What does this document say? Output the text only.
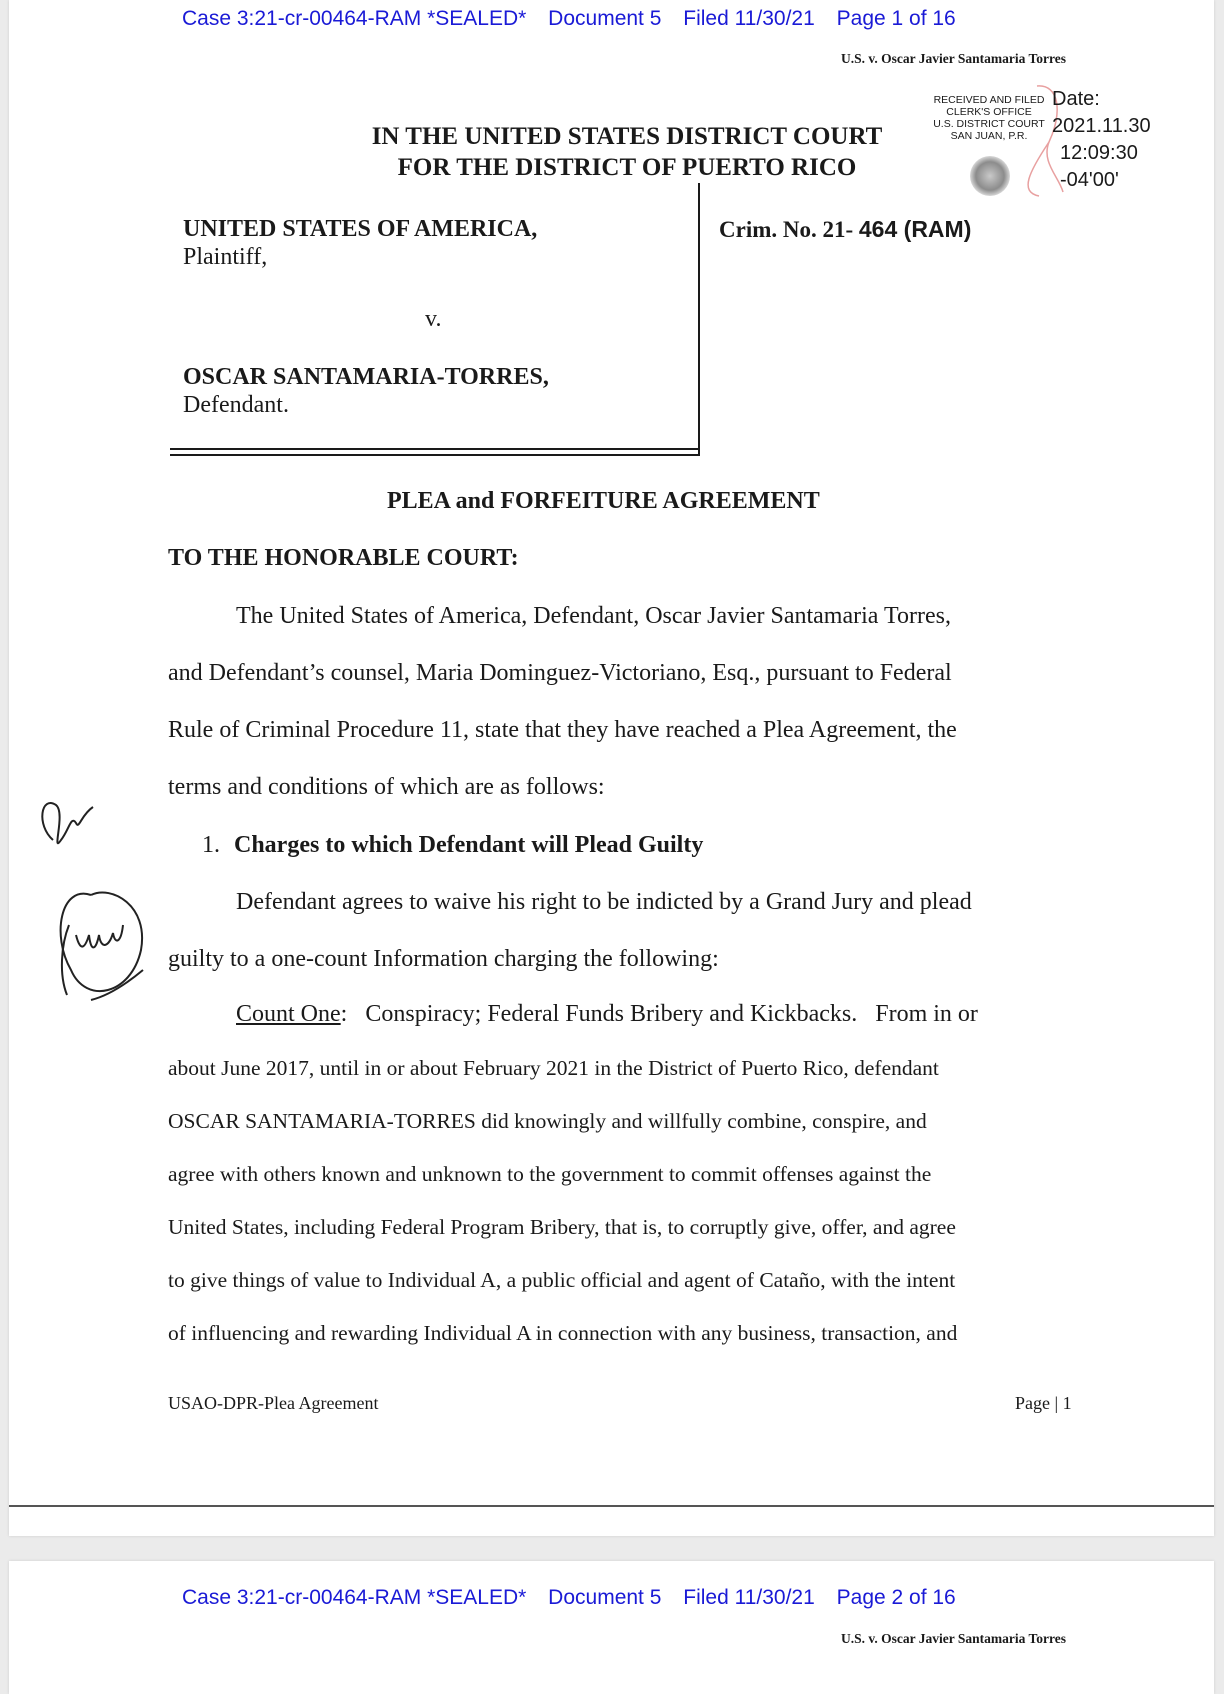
Case 3:21-cr-00464-RAM *SEALED* Document 5 Filed 11/30/21 Page 1 of 16
U.S. v. Oscar Javier Santamaria Torres
IN THE UNITED STATES DISTRICT COURT
FOR THE DISTRICT OF PUERTO RICO
RECEIVED AND FILED
CLERK'S OFFICE
U.S. DISTRICT COURT
SAN JUAN, P.R.
Date:
2021.11.30
12:09:30
-04'00'
UNITED STATES OF AMERICA,
Plaintiff,
v.
OSCAR SANTAMARIA-TORRES,
Defendant.
Crim. No. 21- 464 (RAM)
PLEA and FORFEITURE AGREEMENT
TO THE HONORABLE COURT:
The United States of America, Defendant, Oscar Javier Santamaria Torres,
and Defendant’s counsel, Maria Dominguez-Victoriano, Esq., pursuant to Federal
Rule of Criminal Procedure 11, state that they have reached a Plea Agreement, the
terms and conditions of which are as follows:
1. Charges to which Defendant will Plead Guilty
Defendant agrees to waive his right to be indicted by a Grand Jury and plead
guilty to a one-count Information charging the following:
Count One:   Conspiracy; Federal Funds Bribery and Kickbacks.   From in or
about June 2017, until in or about February 2021 in the District of Puerto Rico, defendant
OSCAR SANTAMARIA-TORRES did knowingly and willfully combine, conspire, and
agree with others known and unknown to the government to commit offenses against the
United States, including Federal Program Bribery, that is, to corruptly give, offer, and agree
to give things of value to Individual A, a public official and agent of Cataño, with the intent
of influencing and rewarding Individual A in connection with any business, transaction, and
USAO-DPR-Plea Agreement	Page | 1
Case 3:21-cr-00464-RAM *SEALED* Document 5 Filed 11/30/21 Page 2 of 16
U.S. v. Oscar Javier Santamaria Torres
